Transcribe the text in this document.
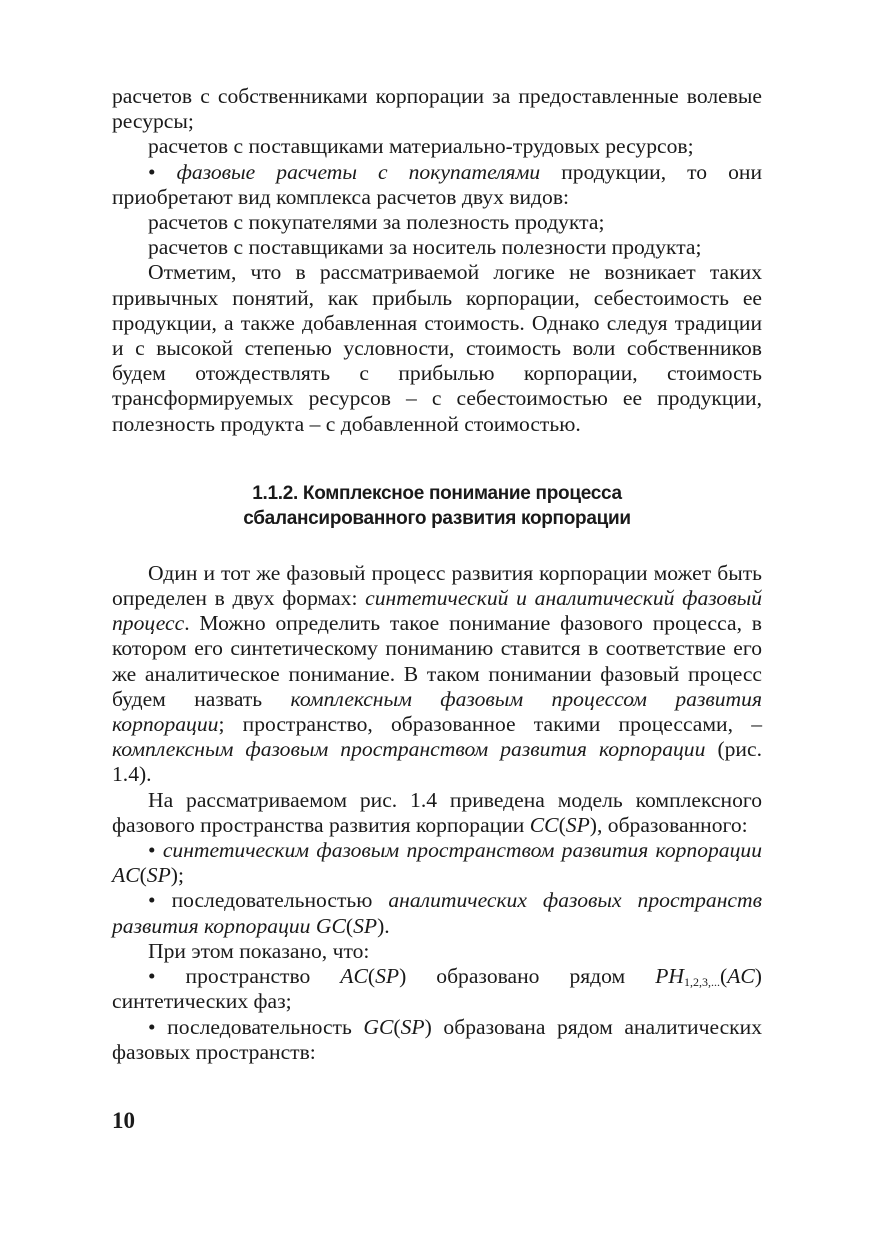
расчетов с собственниками корпорации за предоставленные волевые ресурсы;

расчетов с поставщиками материально-трудовых ресурсов;

• фазовые расчеты с покупателями продукции, то они приобретают вид комплекса расчетов двух видов:

расчетов с покупателями за полезность продукта;

расчетов с поставщиками за носитель полезности продукта;

Отметим, что в рассматриваемой логике не возникает таких привычных понятий, как прибыль корпорации, себестоимость ее продукции, а также добавленная стоимость. Однако следуя традиции и с высокой степенью условности, стоимость воли собственников будем отождествлять с прибылью корпорации, стоимость трансформируемых ресурсов – с себестоимостью ее продукции, полезность продукта – с добавленной стоимостью.

1.1.2. Комплексное понимание процесса
сбалансированного развития корпорации

Один и тот же фазовый процесс развития корпорации может быть определен в двух формах: синтетический и аналитический фазовый процесс. Можно определить такое понимание фазового процесса, в котором его синтетическому пониманию ставится в соответствие его же аналитическое понимание. В таком понимании фазовый процесс будем назвать комплексным фазовым процессом развития корпорации; пространство, образованное такими процессами, – комплексным фазовым пространством развития корпорации (рис. 1.4).

На рассматриваемом рис. 1.4 приведена модель комплексного фазового пространства развития корпорации CC(SP), образованного:

• синтетическим фазовым пространством развития корпорации AC(SP);

• последовательностью аналитических фазовых пространств развития корпорации GC(SP).

При этом показано, что:

• пространство AC(SP) образовано рядом $PH_{1,2,3,...}(AC)$ синтетических фаз;

• последовательность GC(SP) образована рядом аналитических фазовых пространств:

10
